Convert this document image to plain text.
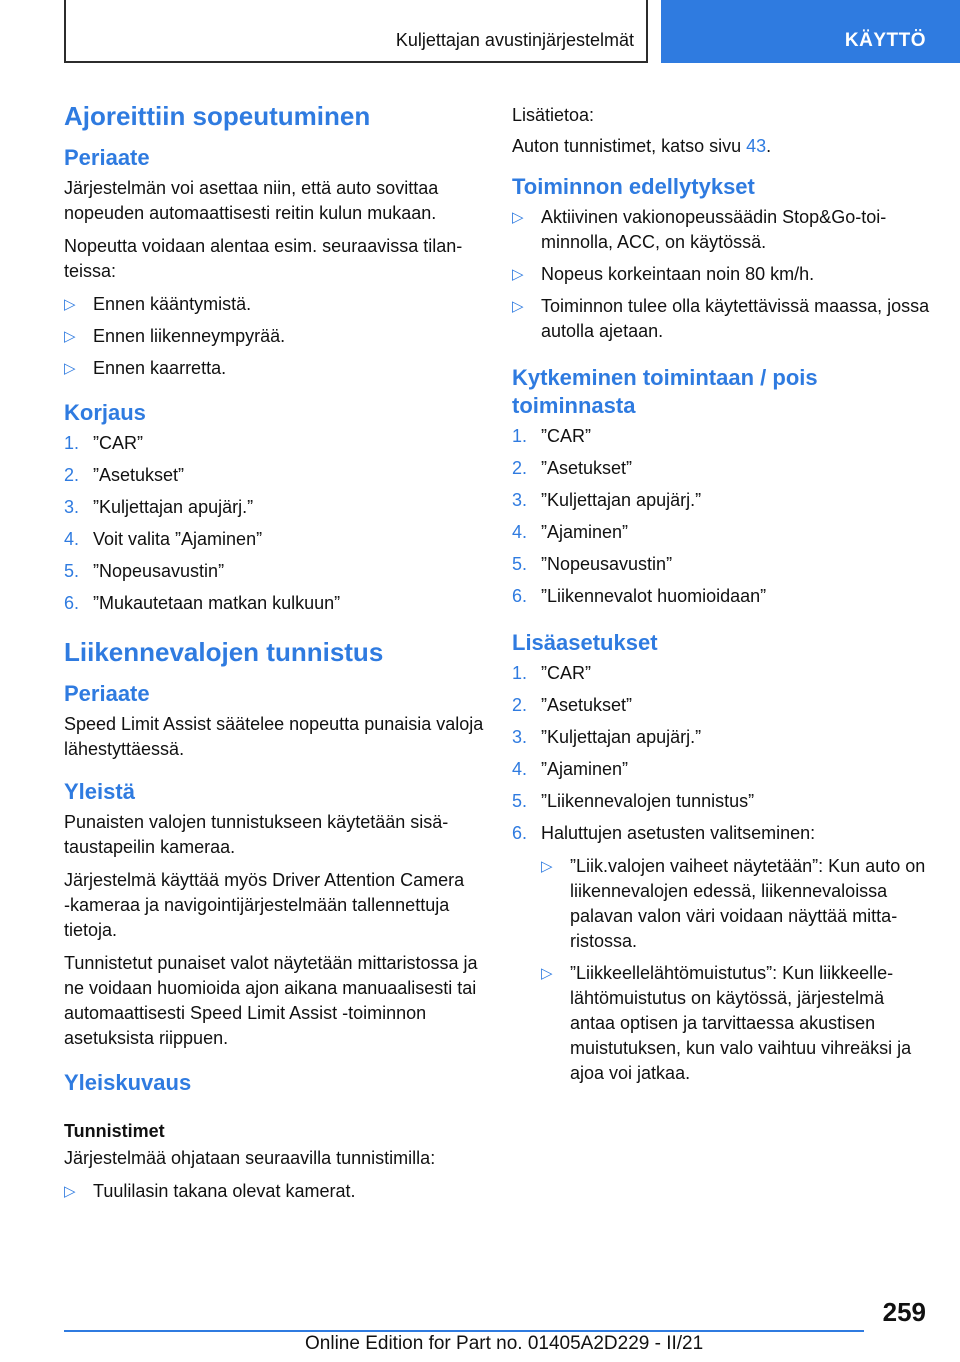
Kuljettajan avustinjärjestelmät	KÄYTTÖ
Ajoreittiin sopeutuminen
Periaate
Järjestelmän voi asettaa niin, että auto sovittaa nopeuden automaattisesti reitin kulun mukaan.
Nopeutta voidaan alentaa esim. seuraavissa tilanteissa:
▷ Ennen kääntymistä.
▷ Ennen liikenneympyrää.
▷ Ennen kaarretta.
Korjaus
1. ”CAR”
2. ”Asetukset”
3. ”Kuljettajan apujärj.”
4. Voit valita ”Ajaminen”
5. ”Nopeusavustin”
6. ”Mukautetaan matkan kulkuun”
Liikennevalojen tunnistus
Periaate
Speed Limit Assist säätelee nopeutta punaisia valoja lähestyttäessä.
Yleistä
Punaisten valojen tunnistukseen käytetään sisätaustapeilin kameraa.
Järjestelmä käyttää myös Driver Attention Camera ‑kameraa ja navigointijärjestelmään tallennettuja tietoja.
Tunnistetut punaiset valot näytetään mittaristossa ja ne voidaan huomioida ajon aikana manuaalisesti tai automaattisesti Speed Limit Assist ‑toiminnon asetuksista riippuen.
Yleiskuvaus
Tunnistimet
Järjestelmää ohjataan seuraavilla tunnistimilla:
▷ Tuulilasin takana olevat kamerat.
Lisätietoa:
Auton tunnistimet, katso sivu 43.
Toiminnon edellytykset
▷ Aktiivinen vakionopeussäädin Stop&Go-toiminnolla, ACC, on käytössä.
▷ Nopeus korkeintaan noin 80 km/h.
▷ Toiminnon tulee olla käytettävissä maassa, jossa autolla ajetaan.
Kytkeminen toimintaan / pois toiminnasta
1. ”CAR”
2. ”Asetukset”
3. ”Kuljettajan apujärj.”
4. ”Ajaminen”
5. ”Nopeusavustin”
6. ”Liikennevalot huomioidaan”
Lisäasetukset
1. ”CAR”
2. ”Asetukset”
3. ”Kuljettajan apujärj.”
4. ”Ajaminen”
5. ”Liikennevalojen tunnistus”
6. Haluttujen asetusten valitseminen:
▷ ”Liik.valojen vaiheet näytetään”: Kun auto on liikennevalojen edessä, liikennevaloissa palavan valon väri voidaan näyttää mittaristossa.
▷ ”Liikkeellelähtömuistutus”: Kun liikkeellelähtömuistutus on käytössä, järjestelmä antaa optisen ja tarvittaessa akustisen muistutuksen, kun valo vaihtuu vihreäksi ja ajoa voi jatkaa.
259
Online Edition for Part no. 01405A2D229 - II/21
